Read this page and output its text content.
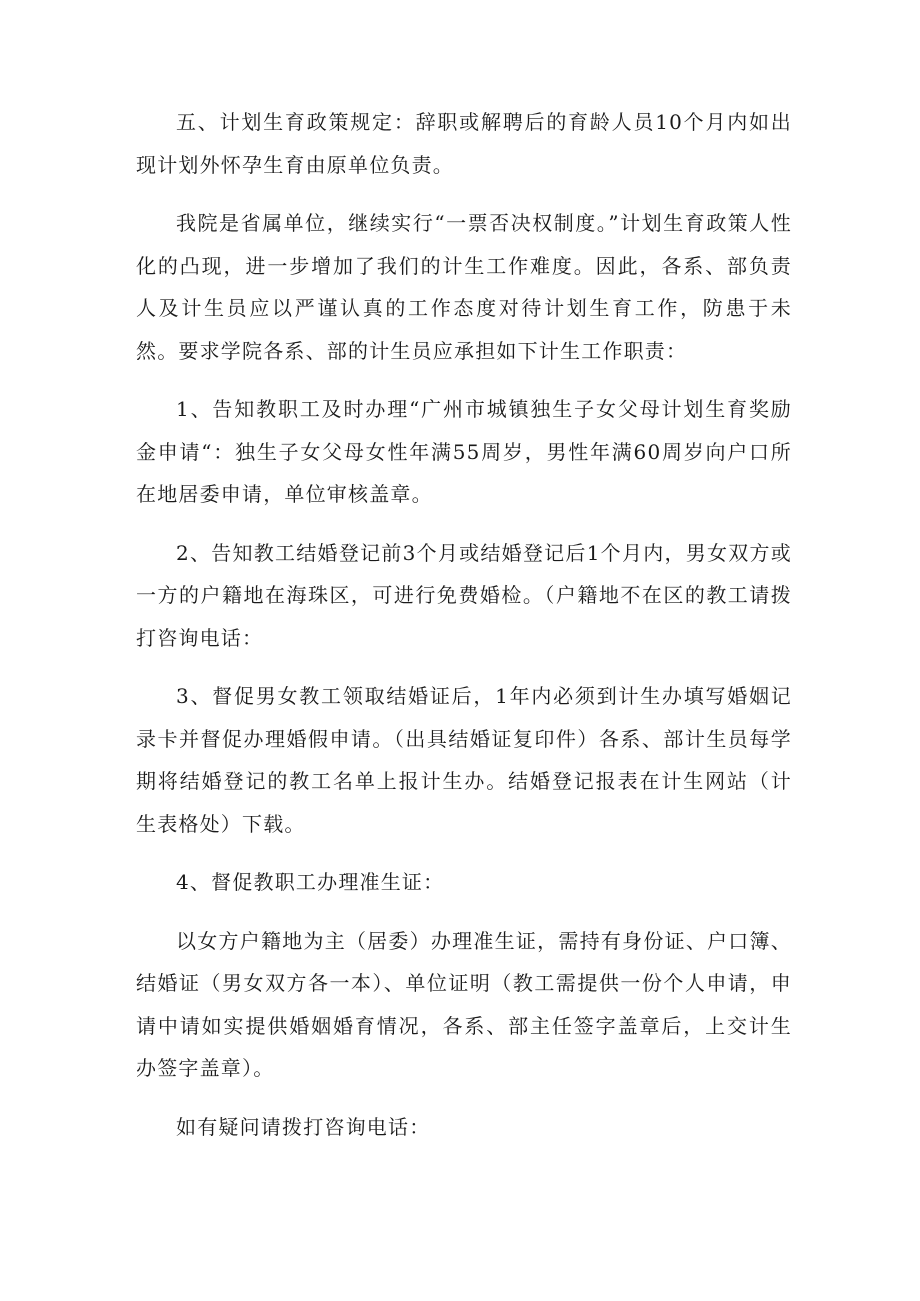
五、计划生育政策规定：辞职或解聘后的育龄人员10个月内如出现计划外怀孕生育由原单位负责。

我院是省属单位，继续实行“一票否决权制度。”计划生育政策人性化的凸现，进一步增加了我们的计生工作难度。因此，各系、部负责人及计生员应以严谨认真的工作态度对待计划生育工作，防患于未然。要求学院各系、部的计生员应承担如下计生工作职责：

1、告知教职工及时办理“广州市城镇独生子女父母计划生育奖励金申请“：独生子女父母女性年满55周岁，男性年满60周岁向户口所在地居委申请，单位审核盖章。

2、告知教工结婚登记前3个月或结婚登记后1个月内，男女双方或一方的户籍地在海珠区，可进行免费婚检。（户籍地不在区的教工请拨打咨询电话：

3、督促男女教工领取结婚证后，1年内必须到计生办填写婚姻记录卡并督促办理婚假申请。（出具结婚证复印件）各系、部计生员每学期将结婚登记的教工名单上报计生办。结婚登记报表在计生网站（计生表格处）下载。

4、督促教职工办理准生证：

以女方户籍地为主（居委）办理准生证，需持有身份证、户口簿、结婚证（男女双方各一本）、单位证明（教工需提供一份个人申请，申请中请如实提供婚姻婚育情况，各系、部主任签字盖章后，上交计生办签字盖章）。

如有疑问请拨打咨询电话：
